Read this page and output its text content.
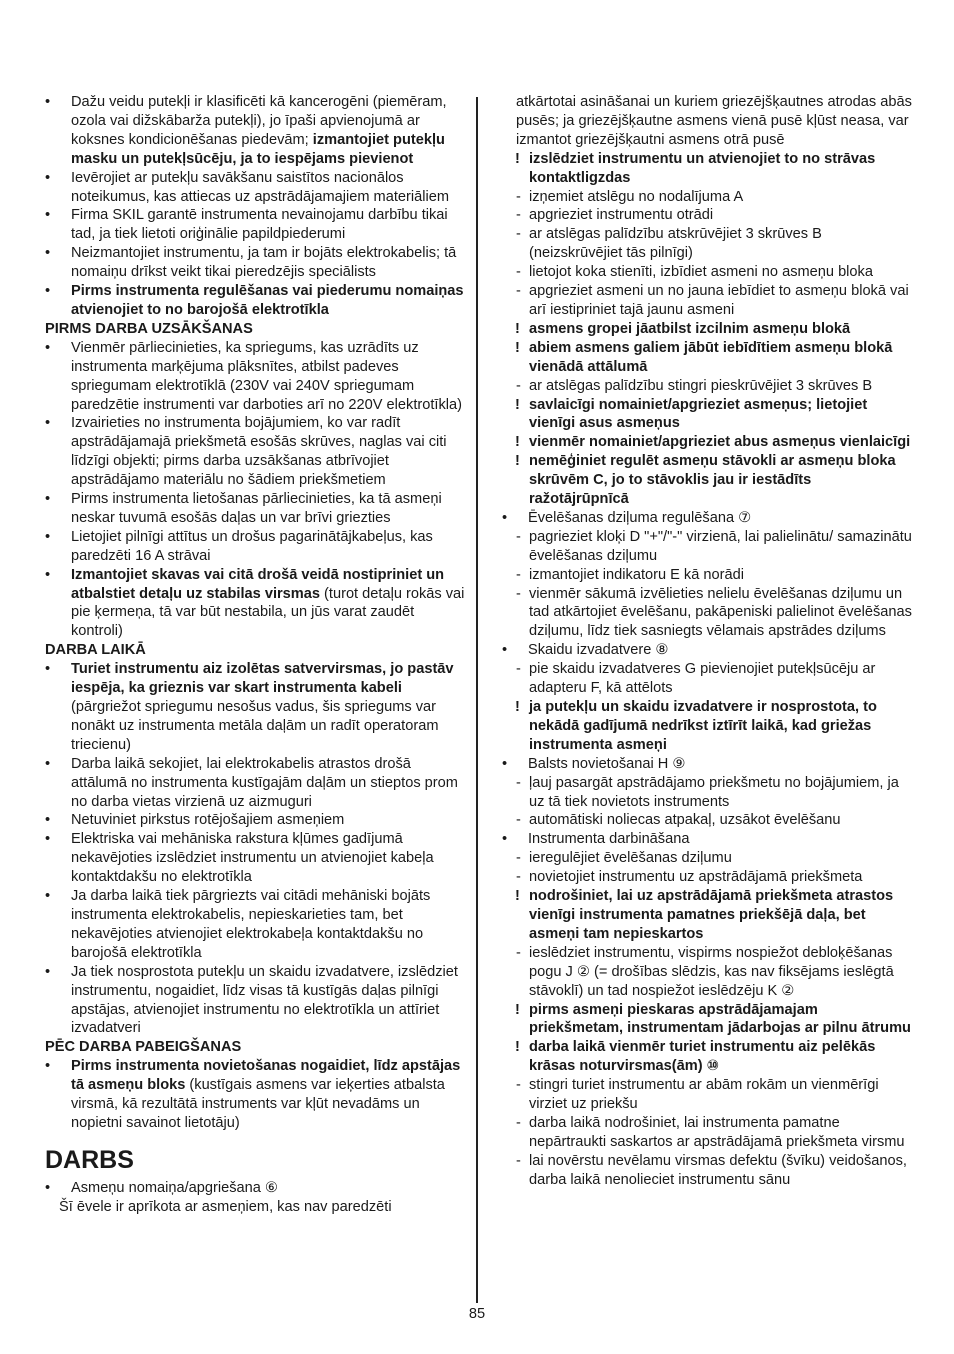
• Dažu veidu putekļi ir klasificēti kā kancerogēni (piemēram, ozola vai dižskābarža putekļi), jo īpaši apvienojumā ar koksnes kondicionēšanas piedevām; izmantojiet putekļu masku un putekļsūcēju, ja to iespējams pievienot
• Ievērojiet ar putekļu savākšanu saistītos nacionālos noteikumus, kas attiecas uz apstrādājamajiem materiāliem
• Firma SKIL garantē instrumenta nevainojamu darbību tikai tad, ja tiek lietoti oriģinālie papildpiederumi
• Neizmantojiet instrumentu, ja tam ir bojāts elektrokabelis; tā nomaiņu drīkst veikt tikai pieredzējis speciālists
• Pirms instrumenta regulēšanas vai piederumu nomaiņas atvienojiet to no barojošā elektrotīkla
PIRMS DARBA UZSĀKŠANAS
• Vienmēr pārliecinieties, ka spriegums, kas uzrādīts uz instrumenta marķējuma plāksnītes, atbilst padeves spriegumam elektrotīklā (230V vai 240V spriegumam paredzētie instrumenti var darboties arī no 220V elektrotīkla)
• Izvairieties no instrumenta bojājumiem, ko var radīt apstrādājamajā priekšmetā esošās skrūves, naglas vai citi līdzīgi objekti; pirms darba uzsākšanas atbrīvojiet apstrādājamo materiālu no šādiem priekšmetiem
• Pirms instrumenta lietošanas pārliecinieties, ka tā asmeņi neskar tuvumā esošās daļas un var brīvi griezties
• Lietojiet pilnīgi attītus un drošus pagarinātājkabeļus, kas paredzēti 16 A strāvai
• Izmantojiet skavas vai citā drošā veidā nostipriniet un atbalstiet detaļu uz stabilas virsmas (turot detaļu rokās vai pie ķermeņa, tā var būt nestabila, un jūs varat zaudēt kontroli)
DARBA LAIKĀ
• Turiet instrumentu aiz izolētas satvervirsmas, jo pastāv iespēja, ka grieznis var skart instrumenta kabeli (pārgriežot spriegumu nesošus vadus, šis spriegums var nonākt uz instrumenta metāla daļām un radīt operatoram triecienu)
• Darba laikā sekojiet, lai elektrokabelis atrastos drošā attālumā no instrumenta kustīgajām daļām un stieptos prom no darba vietas virzienā uz aizmuguri
• Netuviniet pirkstus rotējošajiem asmeņiem
• Elektriska vai mehāniska rakstura kļūmes gadījumā nekavējoties izslēdziet instrumentu un atvienojiet kabeļa kontaktdakšu no elektrotīkla
• Ja darba laikā tiek pārgriezts vai citādi mehāniski bojāts instrumenta elektrokabelis, nepieskarieties tam, bet nekavējoties atvienojiet elektrokabeļa kontaktdakšu no barojošā elektrotīkla
• Ja tiek nosprostota putekļu un skaidu izvadatvere, izslēdziet instrumentu, nogaidiet, līdz visas tā kustīgās daļas pilnīgi apstājas, atvienojiet instrumentu no elektrotīkla un attīriet izvadatveri
PĒC DARBA PABEIGŠANAS
• Pirms instrumenta novietošanas nogaidiet, līdz apstājas tā asmeņu bloks (kustīgais asmens var ieķerties atbalsta virsmā, kā rezultātā instruments var kļūt nevadāms un nopietni savainot lietotāju)
DARBS
• Asmeņu nomaiņa/apgriešana ⑥
Šī ēvele ir aprīkota ar asmeņiem, kas nav paredzēti
atkārtotai asināšanai un kuriem griezējšķautnes atrodas abās pusēs; ja griezējšķautne asmens vienā pusē kļūst neasa, var izmantot griezējšķautni asmens otrā pusē
! izslēdziet instrumentu un atvienojiet to no strāvas kontaktligzdas
- izņemiet atslēgu no nodalījuma A
- apgrieziet instrumentu otrādi
- ar atslēgas palīdzību atskrūvējiet 3 skrūves B (neizskrūvējiet tās pilnīgi)
- lietojot koka stienīti, izbīdiet asmeni no asmeņu bloka
- apgrieziet asmeni un no jauna iebīdiet to asmeņu blokā vai arī iestipriniet tajā jaunu asmeni
! asmens gropei jāatbilst izcilnim asmeņu blokā
! abiem asmens galiem jābūt iebīdītiem asmeņu blokā vienādā attālumā
- ar atslēgas palīdzību stingri pieskrūvējiet 3 skrūves B
! savlaicīgi nomainiet/apgrieziet asmeņus; lietojiet vienīgi asus asmeņus
! vienmēr nomainiet/apgrieziet abus asmeņus vienlaicīgi
! nemēģiniet regulēt asmeņu stāvokli ar asmeņu bloka skrūvēm C, jo to stāvoklis jau ir iestādīts ražotājrūpnīcā
• Ēvelēšanas dziļuma regulēšana ⑦
- pagrieziet kloķi D "+"/"-" virzienā, lai palielinātu/ samazinātu ēvelēšanas dziļumu
- izmantojiet indikatoru E kā norādi
- vienmēr sākumā izvēlieties nelielu ēvelēšanas dziļumu un tad atkārtojiet ēvelēšanu, pakāpeniski palielinot ēvelēšanas dziļumu, līdz tiek sasniegts vēlamais apstrādes dziļums
• Skaidu izvadatvere ⑧
- pie skaidu izvadatveres G pievienojiet putekļsūcēju ar adapteru F, kā attēlots
! ja putekļu un skaidu izvadatvere ir nosprostota, to nekādā gadījumā nedrīkst iztīrīt laikā, kad griežas instrumenta asmeņi
• Balsts novietošanai H ⑨
- ļauj pasargāt apstrādājamo priekšmetu no bojājumiem, ja uz tā tiek novietots instruments
- automātiski noliecas atpakaļ, uzsākot ēvelēšanu
• Instrumenta darbināšana
- ieregulējiet ēvelēšanas dziļumu
- novietojiet instrumentu uz apstrādājamā priekšmeta
! nodrošiniet, lai uz apstrādājamā priekšmeta atrastos vienīgi instrumenta pamatnes priekšējā daļa, bet asmeņi tam nepieskartos
- ieslēdziet instrumentu, vispirms nospiežot debloķēšanas pogu J ② (= drošības slēdzis, kas nav fiksējams ieslēgtā stāvoklī) un tad nospiežot ieslēdzēju K ②
! pirms asmeņi pieskaras apstrādājamajam priekšmetam, instrumentam jādarbojas ar pilnu ātrumu
! darba laikā vienmēr turiet instrumentu aiz pelēkās krāsas noturvirsmas(ām) ⑩
- stingri turiet instrumentu ar abām rokām un vienmērīgi virziet uz priekšu
- darba laikā nodrošiniet, lai instrumenta pamatne nepārtraukti saskartos ar apstrādājamā priekšmeta virsmu
- lai novērstu nevēlamu virsmas defektu (švīku) veidošanos, darba laikā nenolieciet instrumentu sānu
85
